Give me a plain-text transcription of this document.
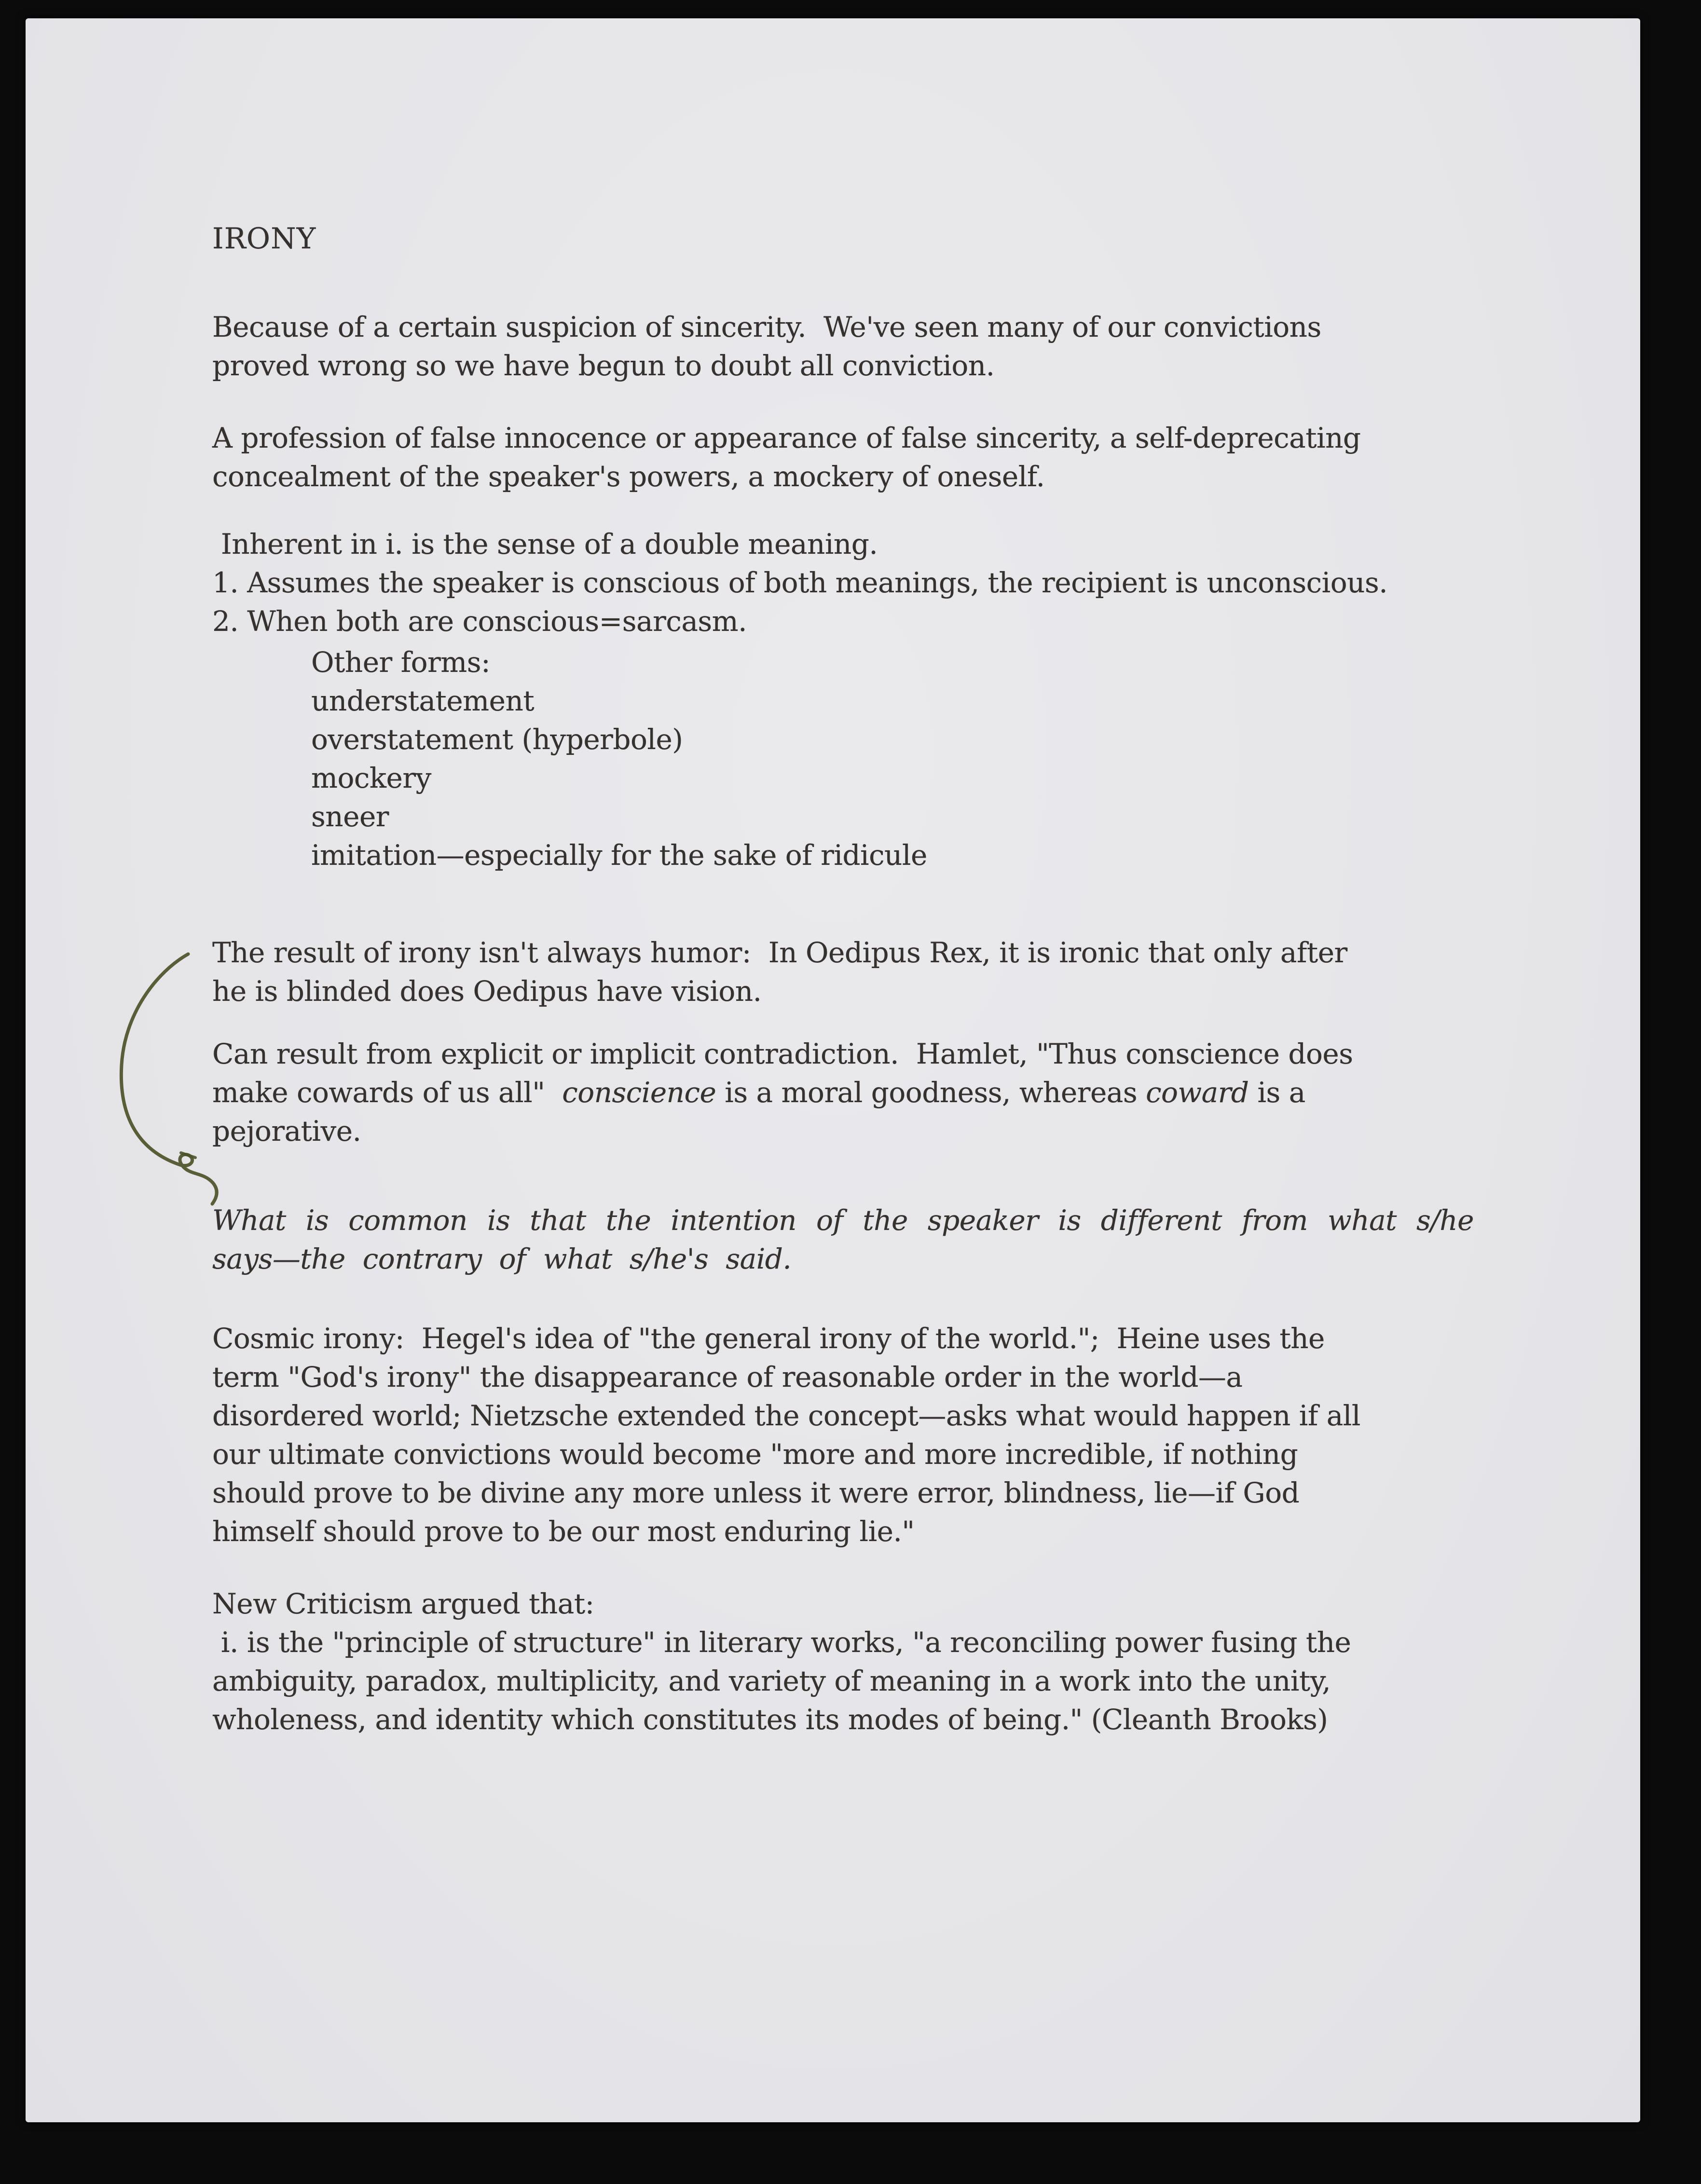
IRONY
Because of a certain suspicion of sincerity.  We've seen many of our convictions
proved wrong so we have begun to doubt all conviction.
A profession of false innocence or appearance of false sincerity, a self-deprecating
concealment of the speaker's powers, a mockery of oneself.
Inherent in i. is the sense of a double meaning.
1. Assumes the speaker is conscious of both meanings, the recipient is unconscious.
2. When both are conscious=sarcasm.
Other forms:
understatement
overstatement (hyperbole)
mockery
sneer
imitation—especially for the sake of ridicule
The result of irony isn't always humor:  In Oedipus Rex, it is ironic that only after
he is blinded does Oedipus have vision.
Can result from explicit or implicit contradiction.  Hamlet, "Thus conscience does
make cowards of us all"  conscience is a moral goodness, whereas coward is a
pejorative.
What is common is that the intention of the speaker is different from what s/he
says—the contrary of what s/he's said.
Cosmic irony:  Hegel's idea of "the general irony of the world.";  Heine uses the
term "God's irony" the disappearance of reasonable order in the world—a
disordered world; Nietzsche extended the concept—asks what would happen if all
our ultimate convictions would become "more and more incredible, if nothing
should prove to be divine any more unless it were error, blindness, lie—if God
himself should prove to be our most enduring lie."
New Criticism argued that:
i. is the "principle of structure" in literary works, "a reconciling power fusing the
ambiguity, paradox, multiplicity, and variety of meaning in a work into the unity,
wholeness, and identity which constitutes its modes of being." (Cleanth Brooks)
